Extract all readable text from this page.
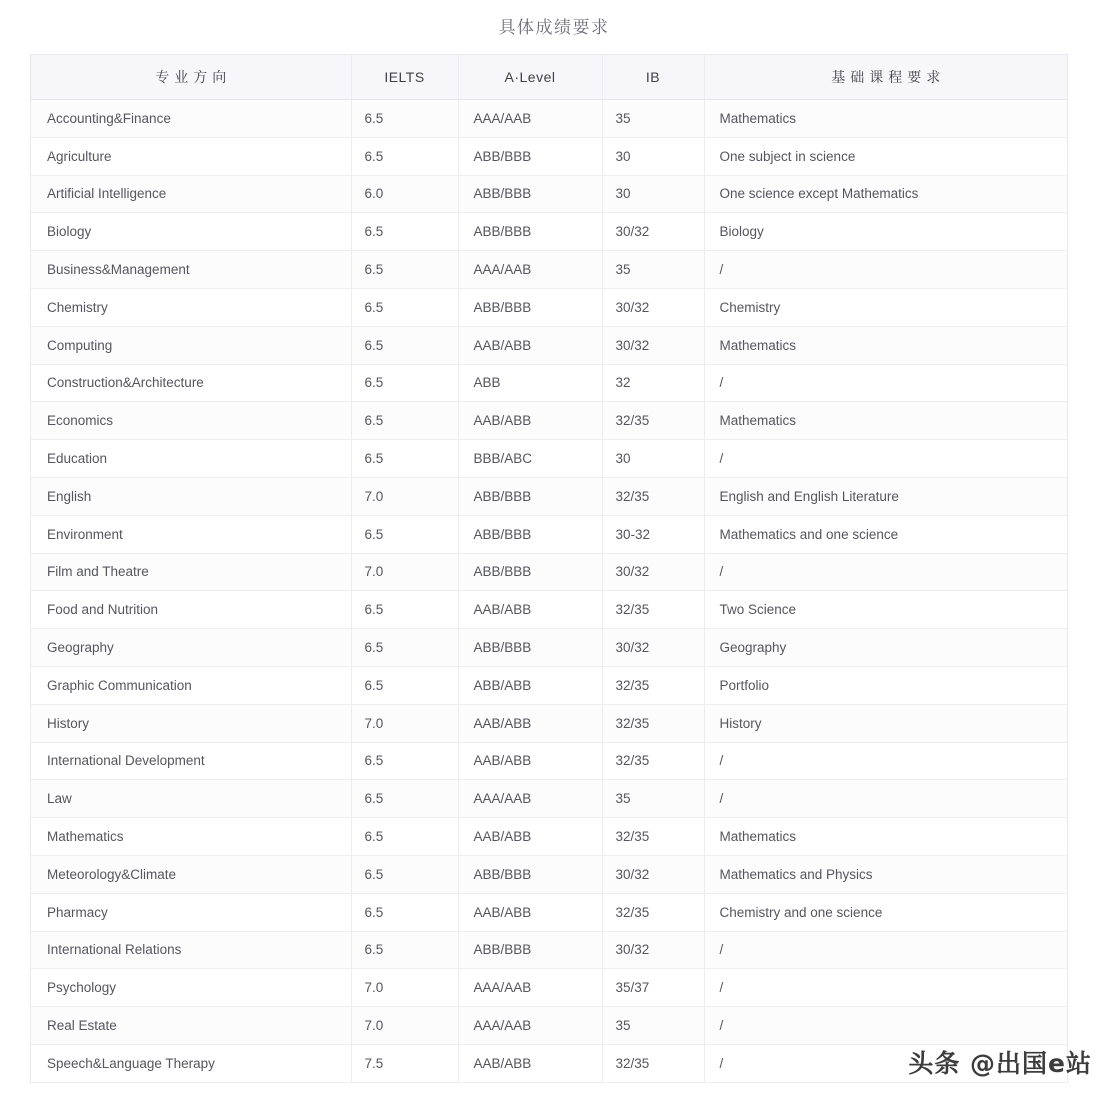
具体成绩要求
专业方向	IELTS	A·Level	IB	基础课程要求
Accounting&Finance	6.5	AAA/AAB	35	Mathematics
Agriculture	6.5	ABB/BBB	30	One subject in science
Artificial Intelligence	6.0	ABB/BBB	30	One science except Mathematics
Biology	6.5	ABB/BBB	30/32	Biology
Business&Management	6.5	AAA/AAB	35	/
Chemistry	6.5	ABB/BBB	30/32	Chemistry
Computing	6.5	AAB/ABB	30/32	Mathematics
Construction&Architecture	6.5	ABB	32	/
Economics	6.5	AAB/ABB	32/35	Mathematics
Education	6.5	BBB/ABC	30	/
English	7.0	ABB/BBB	32/35	English and English Literature
Environment	6.5	ABB/BBB	30-32	Mathematics and one science
Film and Theatre	7.0	ABB/BBB	30/32	/
Food and Nutrition	6.5	AAB/ABB	32/35	Two Science
Geography	6.5	ABB/BBB	30/32	Geography
Graphic Communication	6.5	ABB/ABB	32/35	Portfolio
History	7.0	AAB/ABB	32/35	History
International Development	6.5	AAB/ABB	32/35	/
Law	6.5	AAA/AAB	35	/
Mathematics	6.5	AAB/ABB	32/35	Mathematics
Meteorology&Climate	6.5	ABB/BBB	30/32	Mathematics and Physics
Pharmacy	6.5	AAB/ABB	32/35	Chemistry and one science
International Relations	6.5	ABB/BBB	30/32	/
Psychology	7.0	AAA/AAB	35/37	/
Real Estate	7.0	AAA/AAB	35	/
Speech&Language Therapy	7.5	AAB/ABB	32/35	/	头条 @出国e站
